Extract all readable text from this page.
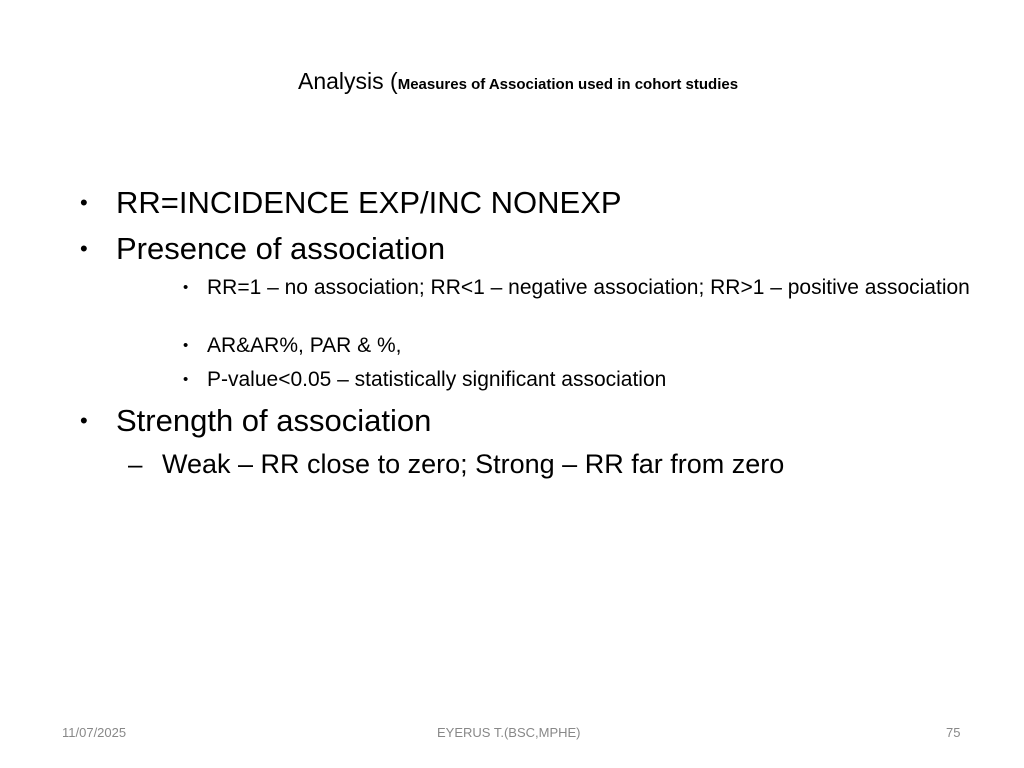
Analysis (Measures of Association used in cohort studies
• RR=INCIDENCE EXP/INC NONEXP
• Presence of association
• RR=1 – no association; RR<1 – negative association; RR>1 – positive association
• AR&AR%, PAR & %,
• P-value<0.05 – statistically significant association
• Strength of association
– Weak – RR close to zero; Strong – RR far from zero
11/07/2025	EYERUS T.(BSC,MPHE)	75
